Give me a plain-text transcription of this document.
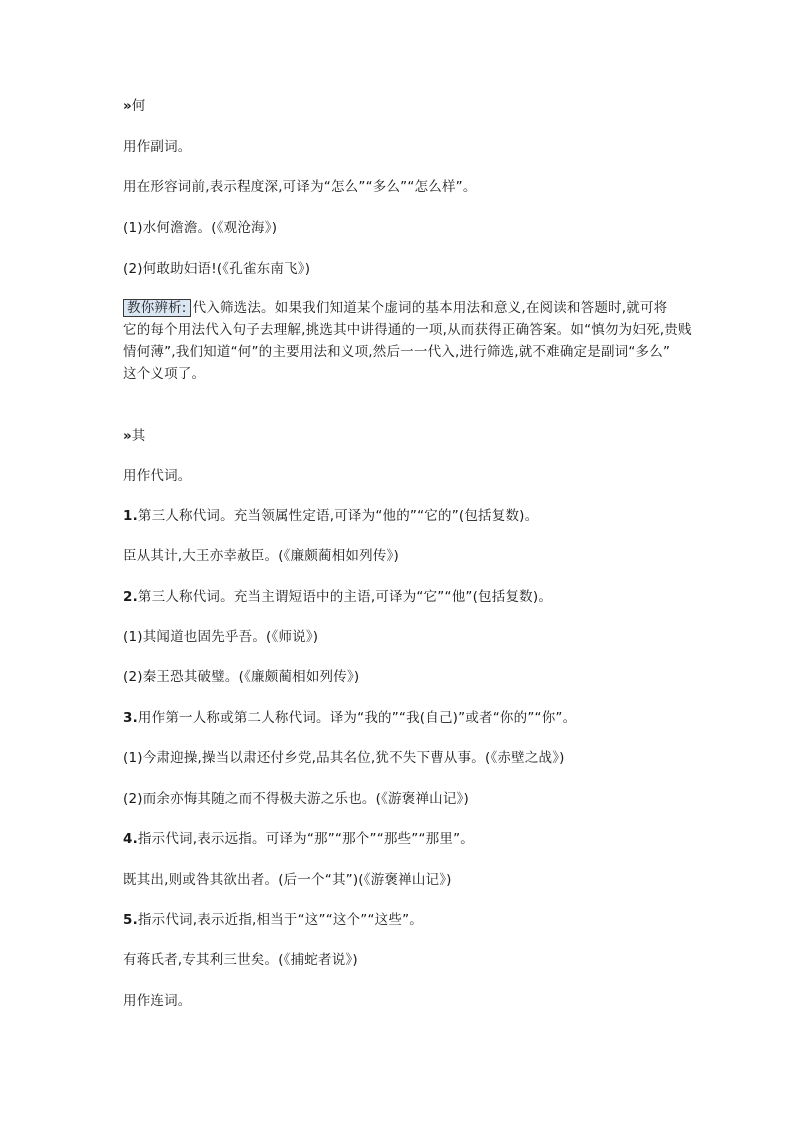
»何
用作副词。
用在形容词前,表示程度深,可译为“怎么”“多么”“怎么样”。
(1)水何澹澹。(《观沧海》)
(2)何敢助妇语!(《孔雀东南飞》)
教你辨析: 代入筛选法。如果我们知道某个虚词的基本用法和意义,在阅读和答题时,就可将
它的每个用法代入句子去理解,挑选其中讲得通的一项,从而获得正确答案。如“慎勿为妇死,贵贱
情何薄”,我们知道“何”的主要用法和义项,然后一一代入,进行筛选,就不难确定是副词“多么”
这个义项了。
»其
用作代词。
1.第三人称代词。充当领属性定语,可译为“他的”“它的”(包括复数)。
臣从其计,大王亦幸赦臣。(《廉颇蔺相如列传》)
2.第三人称代词。充当主谓短语中的主语,可译为“它”“他”(包括复数)。
(1)其闻道也固先乎吾。(《师说》)
(2)秦王恐其破璧。(《廉颇蔺相如列传》)
3.用作第一人称或第二人称代词。译为“我的”“我(自己)”或者“你的”“你”。
(1)今肃迎操,操当以肃还付乡党,品其名位,犹不失下曹从事。(《赤壁之战》)
(2)而余亦悔其随之而不得极夫游之乐也。(《游褒禅山记》)
4.指示代词,表示远指。可译为“那”“那个”“那些”“那里”。
既其出,则或咎其欲出者。(后一个“其”)(《游褒禅山记》)
5.指示代词,表示近指,相当于“这”“这个”“这些”。
有蒋氏者,专其利三世矣。(《捕蛇者说》)
用作连词。
